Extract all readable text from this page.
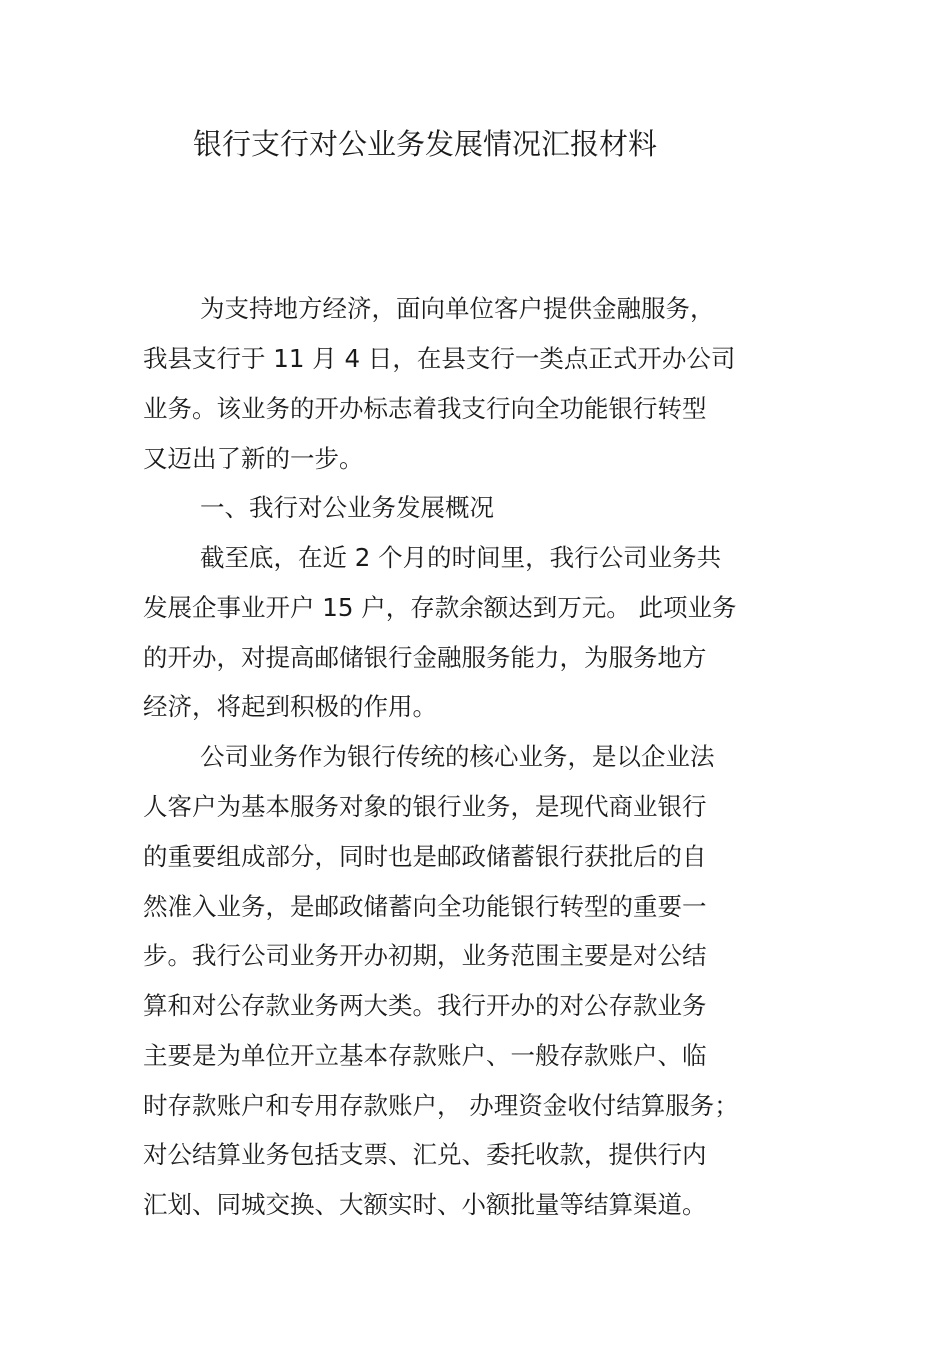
银行支行对公业务发展情况汇报材料

为支持地方经济，面向单位客户提供金融服务，

我县支行于 11 月 4 日，在县支行一类点正式开办公司

业务。该业务的开办标志着我支行向全功能银行转型

又迈出了新的一步。

一、我行对公业务发展概况

截至底，在近 2 个月的时间里，我行公司业务共

发展企事业开户 15 户，存款余额达到万元。 此项业务

的开办，对提高邮储银行金融服务能力，为服务地方

经济，将起到积极的作用。

公司业务作为银行传统的核心业务，是以企业法

人客户为基本服务对象的银行业务，是现代商业银行

的重要组成部分，同时也是邮政储蓄银行获批后的自

然准入业务，是邮政储蓄向全功能银行转型的重要一

步。我行公司业务开办初期，业务范围主要是对公结

算和对公存款业务两大类。我行开办的对公存款业务

主要是为单位开立基本存款账户、一般存款账户、临

时存款账户和专用存款账户， 办理资金收付结算服务；

对公结算业务包括支票、汇兑、委托收款，提供行内

汇划、同城交换、大额实时、小额批量等结算渠道。
